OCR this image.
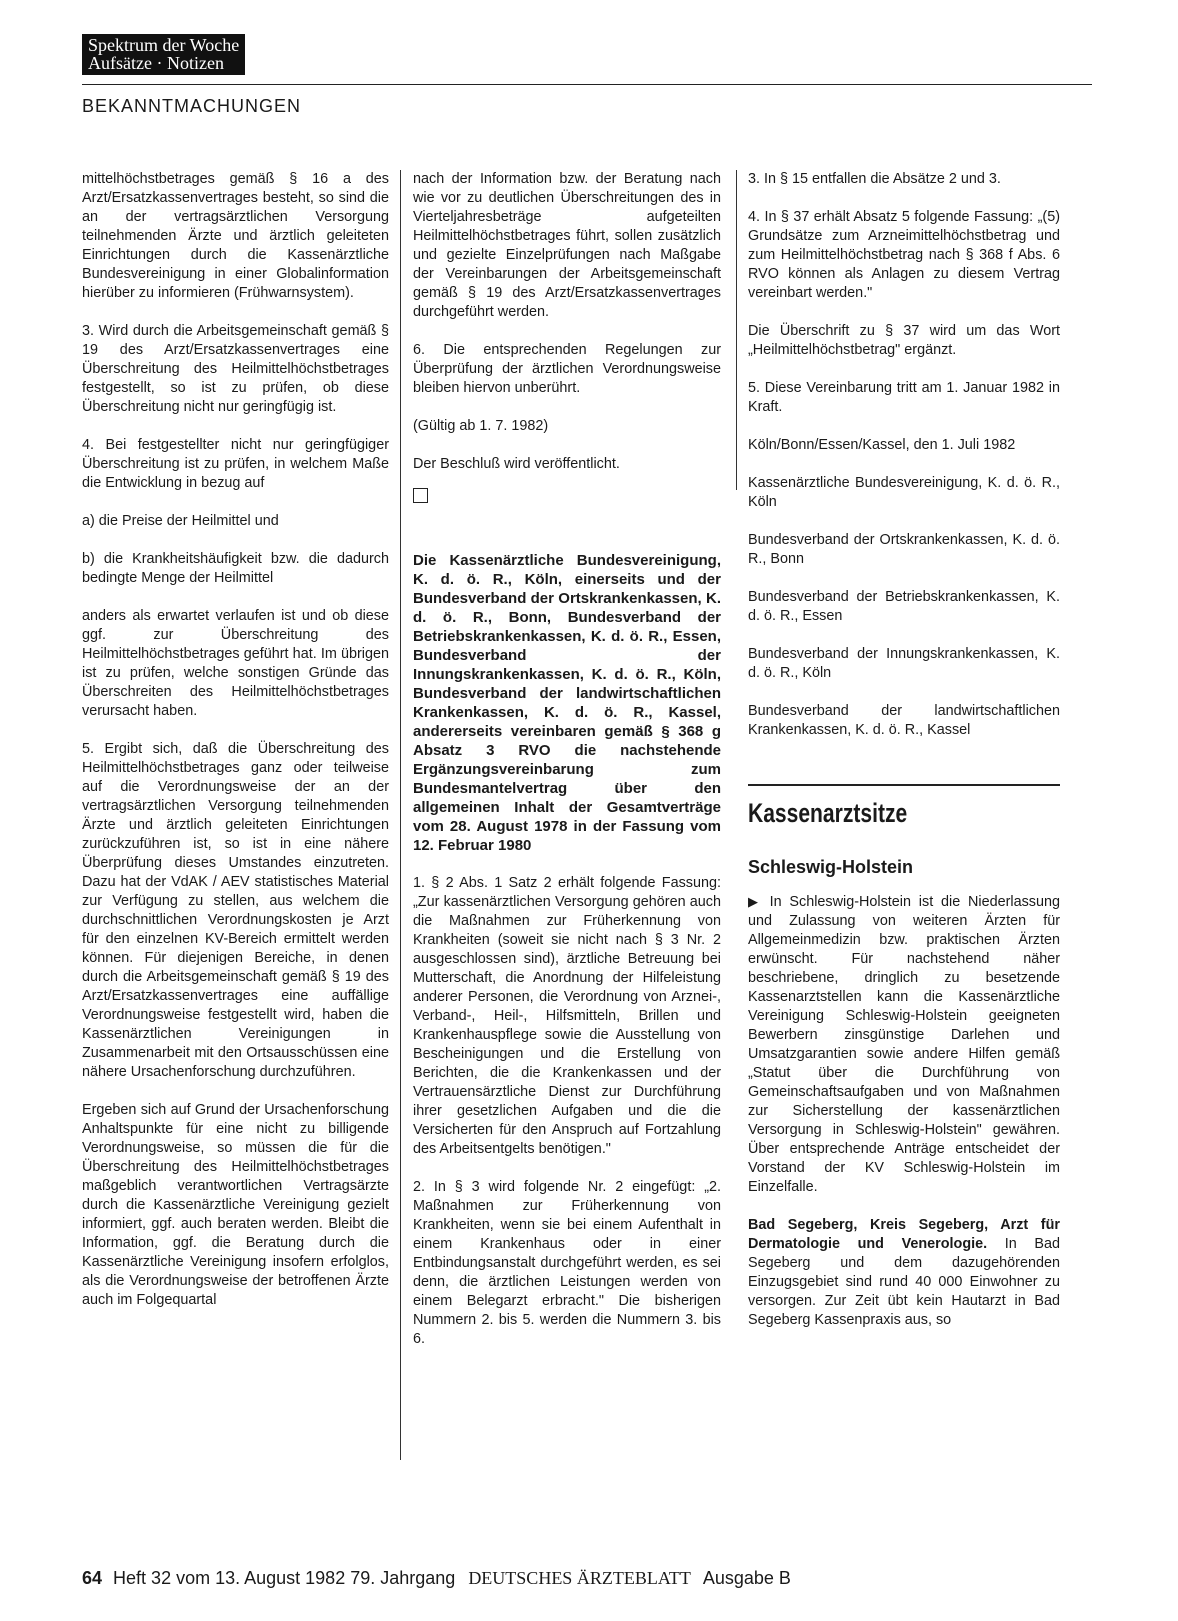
Spektrum der Woche
Aufsätze · Notizen
BEKANNTMACHUNGEN

mittelhöchstbetrages gemäß § 16 a des Arzt/Ersatzkassenvertrages besteht, so sind die an der vertragsärztlichen Versorgung teilnehmenden Ärzte und ärztlich geleiteten Einrichtungen durch die Kassenärztliche Bundesvereinigung in einer Globalinformation hierüber zu informieren (Frühwarnsystem).

3. Wird durch die Arbeitsgemeinschaft gemäß § 19 des Arzt/Ersatzkassenvertrages eine Überschreitung des Heilmittelhöchstbetrages festgestellt, so ist zu prüfen, ob diese Überschreitung nicht nur geringfügig ist.

4. Bei festgestellter nicht nur geringfügiger Überschreitung ist zu prüfen, in welchem Maße die Entwicklung in bezug auf

a) die Preise der Heilmittel und

b) die Krankheitshäufigkeit bzw. die dadurch bedingte Menge der Heilmittel

anders als erwartet verlaufen ist und ob diese ggf. zur Überschreitung des Heilmittelhöchstbetrages geführt hat. Im übrigen ist zu prüfen, welche sonstigen Gründe das Überschreiten des Heilmittelhöchstbetrages verursacht haben.

5. Ergibt sich, daß die Überschreitung des Heilmittelhöchstbetrages ganz oder teilweise auf die Verordnungsweise der an der vertragsärztlichen Versorgung teilnehmenden Ärzte und ärztlich geleiteten Einrichtungen zurückzuführen ist, so ist in eine nähere Überprüfung dieses Umstandes einzutreten. Dazu hat der VdAK / AEV statistisches Material zur Verfügung zu stellen, aus welchem die durchschnittlichen Verordnungskosten je Arzt für den einzelnen KV-Bereich ermittelt werden können. Für diejenigen Bereiche, in denen durch die Arbeitsgemeinschaft gemäß § 19 des Arzt/Ersatzkassenvertrages eine auffällige Verordnungsweise festgestellt wird, haben die Kassenärztlichen Vereinigungen in Zusammenarbeit mit den Ortsausschüssen eine nähere Ursachenforschung durchzuführen.

Ergeben sich auf Grund der Ursachenforschung Anhaltspunkte für eine nicht zu billigende Verordnungsweise, so müssen die für die Überschreitung des Heilmittelhöchstbetrages maßgeblich verantwortlichen Vertragsärzte durch die Kassenärztliche Vereinigung gezielt informiert, ggf. auch beraten werden. Bleibt die Information, ggf. die Beratung durch die Kassenärztliche Vereinigung insofern erfolglos, als die Verordnungsweise der betroffenen Ärzte auch im Folgequartal

nach der Information bzw. der Beratung nach wie vor zu deutlichen Überschreitungen des in Vierteljahresbeträge aufgeteilten Heilmittelhöchstbetrages führt, sollen zusätzlich und gezielte Einzelprüfungen nach Maßgabe der Vereinbarungen der Arbeitsgemeinschaft gemäß § 19 des Arzt/Ersatzkassenvertrages durchgeführt werden.

6. Die entsprechenden Regelungen zur Überprüfung der ärztlichen Verordnungsweise bleiben hiervon unberührt.

(Gültig ab 1. 7. 1982)

Der Beschluß wird veröffentlicht.

Die Kassenärztliche Bundesvereinigung, K. d. ö. R., Köln, einerseits und der Bundesverband der Ortskrankenkassen, K. d. ö. R., Bonn, Bundesverband der Betriebskrankenkassen, K. d. ö. R., Essen, Bundesverband der Innungskrankenkassen, K. d. ö. R., Köln, Bundesverband der landwirtschaftlichen Krankenkassen, K. d. ö. R., Kassel, andererseits vereinbaren gemäß § 368 g Absatz 3 RVO die nachstehende Ergänzungsvereinbarung zum Bundesmantelvertrag über den allgemeinen Inhalt der Gesamtverträge vom 28. August 1978 in der Fassung vom 12. Februar 1980

1. § 2 Abs. 1 Satz 2 erhält folgende Fassung: „Zur kassenärztlichen Versorgung gehören auch die Maßnahmen zur Früherkennung von Krankheiten (soweit sie nicht nach § 3 Nr. 2 ausgeschlossen sind), ärztliche Betreuung bei Mutterschaft, die Anordnung der Hilfeleistung anderer Personen, die Verordnung von Arznei-, Verband-, Heil-, Hilfsmitteln, Brillen und Krankenhauspflege sowie die Ausstellung von Bescheinigungen und die Erstellung von Berichten, die die Krankenkassen und der Vertrauensärztliche Dienst zur Durchführung ihrer gesetzlichen Aufgaben und die die Versicherten für den Anspruch auf Fortzahlung des Arbeitsentgelts benötigen."

2. In § 3 wird folgende Nr. 2 eingefügt: „2. Maßnahmen zur Früherkennung von Krankheiten, wenn sie bei einem Aufenthalt in einem Krankenhaus oder in einer Entbindungsanstalt durchgeführt werden, es sei denn, die ärztlichen Leistungen werden von einem Belegarzt erbracht." Die bisherigen Nummern 2. bis 5. werden die Nummern 3. bis 6.

3. In § 15 entfallen die Absätze 2 und 3.

4. In § 37 erhält Absatz 5 folgende Fassung: „(5) Grundsätze zum Arzneimittelhöchstbetrag und zum Heilmittelhöchstbetrag nach § 368 f Abs. 6 RVO können als Anlagen zu diesem Vertrag vereinbart werden."

Die Überschrift zu § 37 wird um das Wort „Heilmittelhöchstbetrag" ergänzt.

5. Diese Vereinbarung tritt am 1. Januar 1982 in Kraft.

Köln/Bonn/Essen/Kassel, den 1. Juli 1982

Kassenärztliche Bundesvereinigung, K. d. ö. R., Köln

Bundesverband der Ortskrankenkassen, K. d. ö. R., Bonn

Bundesverband der Betriebskrankenkassen, K. d. ö. R., Essen

Bundesverband der Innungskrankenkassen, K. d. ö. R., Köln

Bundesverband der landwirtschaftlichen Krankenkassen, K. d. ö. R., Kassel

Kassenarztsitze
Schleswig-Holstein

▶ In Schleswig-Holstein ist die Niederlassung und Zulassung von weiteren Ärzten für Allgemeinmedizin bzw. praktischen Ärzten erwünscht. Für nachstehend näher beschriebene, dringlich zu besetzende Kassenarztstellen kann die Kassenärztliche Vereinigung Schleswig-Holstein geeigneten Bewerbern zinsgünstige Darlehen und Umsatzgarantien sowie andere Hilfen gemäß „Statut über die Durchführung von Gemeinschaftsaufgaben und von Maßnahmen zur Sicherstellung der kassenärztlichen Versorgung in Schleswig-Holstein" gewähren. Über entsprechende Anträge entscheidet der Vorstand der KV Schleswig-Holstein im Einzelfalle.

Bad Segeberg, Kreis Segeberg, Arzt für Dermatologie und Venerologie. In Bad Segeberg und dem dazugehörenden Einzugsgebiet sind rund 40 000 Einwohner zu versorgen. Zur Zeit übt kein Hautarzt in Bad Segeberg Kassenpraxis aus, so

64 Heft 32 vom 13. August 1982 79. Jahrgang DEUTSCHES ÄRZTEBLATT Ausgabe B
